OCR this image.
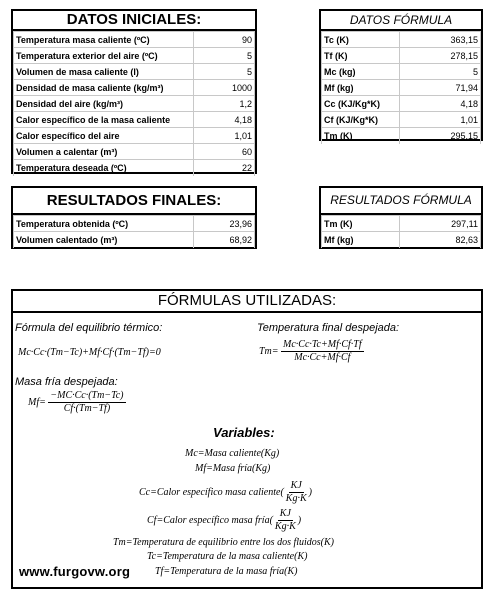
DATOS INICIALES:
Temperatura masa caliente (ºC)	90
Temperatura exterior del aire (ºC)	5
Volumen de masa caliente (l)	5
Densidad de masa caliente (kg/m³)	1000
Densidad del aire (kg/m³)	1,2
Calor específico de la masa caliente	4,18
Calor específico del aire	1,01
Volumen a calentar (m³)	60
Temperatura deseada (ºC)	22
DATOS FÓRMULA
Tc (K)	363,15
Tf (K)	278,15
Mc (kg)	5
Mf (kg)	71,94
Cc (KJ/Kg*K)	4,18
Cf (KJ/Kg*K)	1,01
Tm (K)	295,15
RESULTADOS FINALES:
Temperatura obtenida (ºC)	23,96
Volumen calentado (m³)	68,92
RESULTADOS FÓRMULA
Tm (K)	297,11
Mf (kg)	82,63
FÓRMULAS UTILIZADAS:
Fórmula del equilibrio térmico:
Mc·Cc·(Tm−Tc)+Mf·Cf·(Tm−Tf)=0
Temperatura final despejada:
$Tm= \frac{Mc\cdot Cc\cdot Tc+Mf\cdot Cf\cdot Tf}{Mc\cdot Cc+Mf\cdot Cf}$
Masa fría despejada:
$Mf= \frac{-MC\cdot Cc\cdot(Tm-Tc)}{Cf\cdot(Tm-Tf)}$
Variables:
Mc=Masa caliente(Kg)
Mf=Masa fría(Kg)
Cc=Calor específico masa caliente( $\frac{KJ}{Kg\cdot K}$ )
Cf=Calor específico masa fría( $\frac{KJ}{Kg\cdot K}$ )
Tm=Temperatura de equilibrio entre los dos fluidos(K)
Tc=Temperatura de la masa caliente(K)
Tf=Temperatura de la masa fría(K)
www.furgovw.org
